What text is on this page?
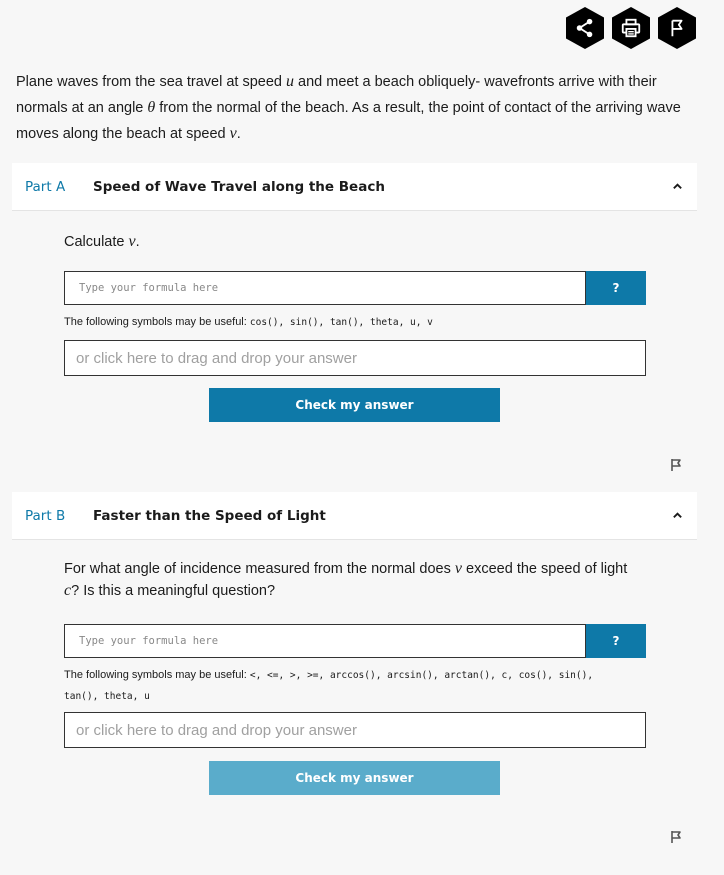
Plane waves from the sea travel at speed u and meet a beach obliquely- wavefronts arrive with their normals at an angle θ from the normal of the beach. As a result, the point of contact of the arriving wave moves along the beach at speed v.
Part A	Speed of Wave Travel along the Beach
Calculate v.
Type your formula here	?
The following symbols may be useful: cos(), sin(), tan(), theta, u, v
or click here to drag and drop your answer
Check my answer
Part B	Faster than the Speed of Light
For what angle of incidence measured from the normal does v exceed the speed of light c? Is this a meaningful question?
Type your formula here	?
The following symbols may be useful: <, <=, >, >=, arccos(), arcsin(), arctan(), c, cos(), sin(),
tan(), theta, u
or click here to drag and drop your answer
Check my answer
